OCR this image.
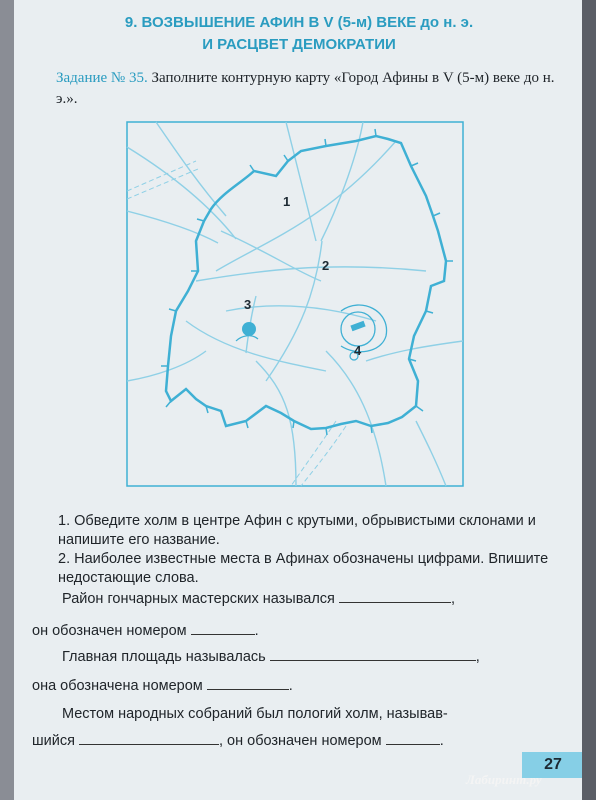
9. ВОЗВЫШЕНИЕ АФИН В V (5-м) ВЕКЕ до н. э.
И РАСЦВЕТ ДЕМОКРАТИИ
Задание № 35. Заполните контурную карту «Город Афины в V (5-м) веке до н. э.».
1
2
3
4
1. Обведите холм в центре Афин с крутыми, обрывистыми склонами и напишите его название.
2. Наиболее известные места в Афинах обозначены цифрами. Впишите недостающие слова.
Район гончарных мастерских назывался	,
он обозначен номером	.
Главная площадь называлась	,
она обозначена номером	.
Местом народных собраний был пологий холм, называв-
шийся	, он обозначен номером	.
27
Лабиринт.ру
